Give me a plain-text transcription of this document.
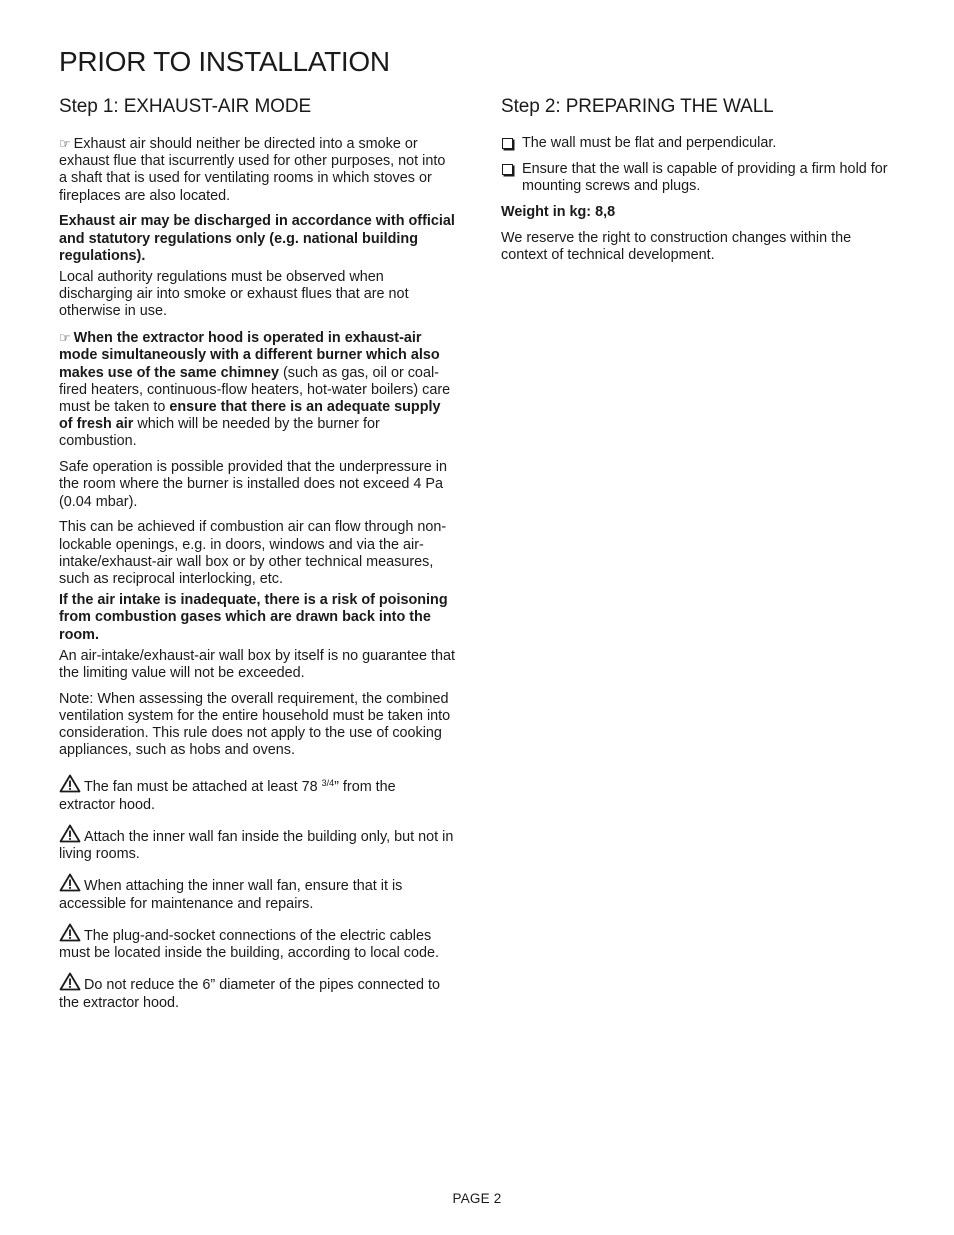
PRIOR TO INSTALLATION
Step 1: EXHAUST-AIR MODE

☞ Exhaust air should neither be directed into a smoke or exhaust flue that iscurrently used for other purposes, not into a shaft that is used for ventilating rooms in which stoves or fireplaces are also located.

Exhaust air may be discharged in accordance with official and statutory regulations only (e.g. national building regulations).

Local authority regulations must be observed when discharging air into smoke or exhaust flues that are not otherwise in use.

☞ When the extractor hood is operated in exhaust-air mode simultaneously with a different burner which also makes use of the same chimney (such as gas, oil or coal-fired heaters, continuous-flow heaters, hot-water boilers) care must be taken to ensure that there is an adequate supply of fresh air which will be needed by the burner for combustion.

Safe operation is possible provided that the underpressure in the room where the burner is installed does not exceed 4 Pa (0.04 mbar).

This can be achieved if combustion air can flow through non-lockable openings, e.g. in doors, windows and via the air-intake/exhaust-air wall box or by other technical measures, such as reciprocal interlocking, etc.

If the air intake is inadequate, there is a risk of poisoning from combustion gases which are drawn back into the room.

An air-intake/exhaust-air wall box by itself is no guarantee that the limiting value will not be exceeded.

Note: When assessing the overall requirement, the combined ventilation system for the entire household must be taken into consideration. This rule does not apply to the use of cooking appliances, such as hobs and ovens.

The fan must be attached at least 78 $^{3/4}$” from the extractor hood.

Attach the inner wall fan inside the building only, but not in living rooms.

When attaching the inner wall fan, ensure that it is accessible for maintenance and repairs.

The plug-and-socket connections of the electric cables must be located inside the building, according to local code.

Do not reduce the 6” diameter of the pipes connected to the extractor hood.

Step 2: PREPARING THE WALL
The wall must be flat and perpendicular.
Ensure that the wall is capable of providing a firm hold for mounting screws and plugs.

Weight in kg: 8,8

We reserve the right to construction changes within the context of technical development.

PAGE 2
